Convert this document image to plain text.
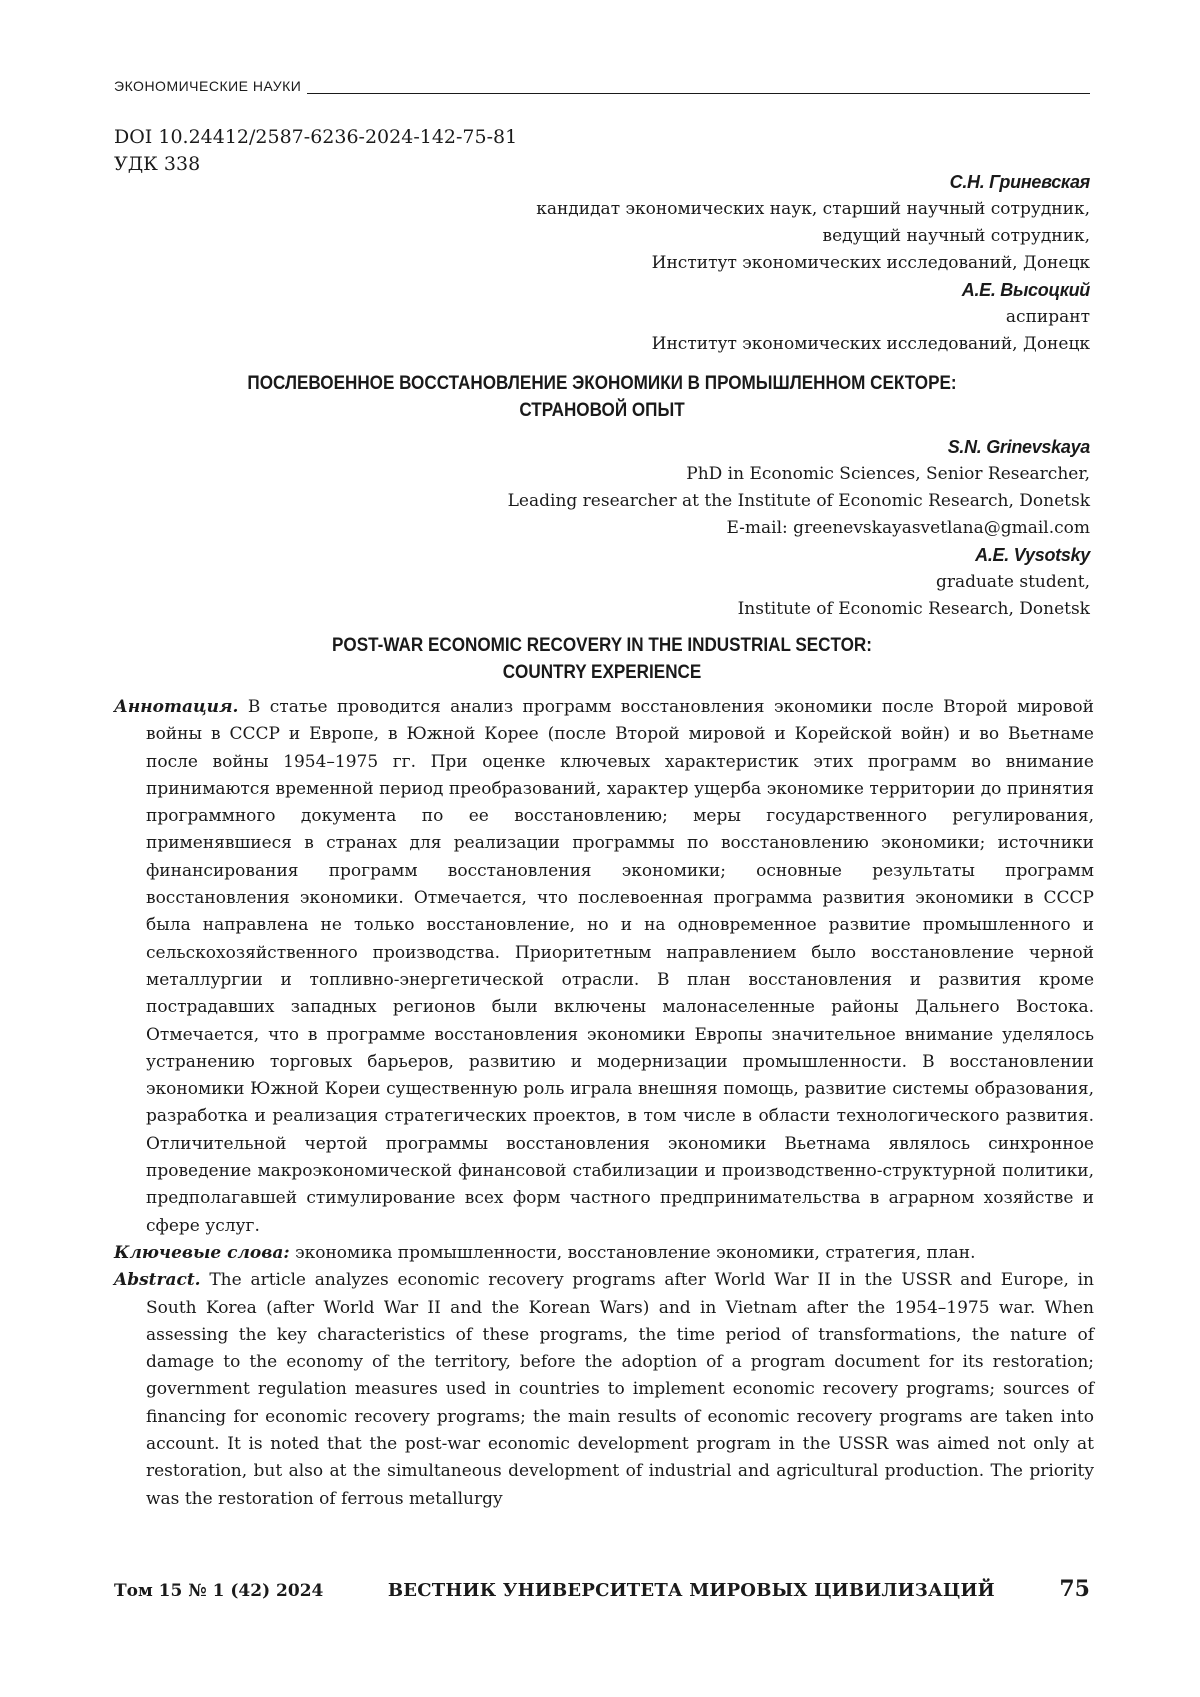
ЭКОНОМИЧЕСКИЕ НАУКИ
DOI 10.24412/2587-6236-2024-142-75-81
УДК 338
С.Н. Гриневская
кандидат экономических наук, старший научный сотрудник,
ведущий научный сотрудник,
Институт экономических исследований, Донецк
А.Е. Высоцкий
аспирант
Институт экономических исследований, Донецк
ПОСЛЕВОЕННОЕ ВОССТАНОВЛЕНИЕ ЭКОНОМИКИ В ПРОМЫШЛЕННОМ СЕКТОРЕ:
СТРАНОВОЙ ОПЫТ
S.N. Grinevskaya
PhD in Economic Sciences, Senior Researcher,
Leading researcher at the Institute of Economic Research, Donetsk
E-mail: greenevskayasvetlana@gmail.com
A.E. Vysotsky
graduate student,
Institute of Economic Research, Donetsk
POST-WAR ECONOMIC RECOVERY IN THE INDUSTRIAL SECTOR:
COUNTRY EXPERIENCE

Аннотация. В статье проводится анализ программ восстановления экономики после Второй мировой войны в СССР и Европе, в Южной Корее (после Второй мировой и Корейской войн) и во Вьетнаме после войны 1954–1975 гг. При оценке ключевых характеристик этих программ во внимание принимаются временной период преобразований, характер ущерба экономике территории до принятия программного документа по ее восстановлению; меры государственного регулирования, применявшиеся в странах для реализации программы по восстановлению экономики; источники финансирования программ восстановления экономики; основные результаты программ восстановления экономики. Отмечается, что послевоенная программа развития экономики в СССР была направлена не только восстановление, но и на одновременное развитие промышленного и сельскохозяйственного производства. Приоритетным направлением было восстановление черной металлургии и топливно-энергетической отрасли. В план восстановления и развития кроме пострадавших западных регионов были включены малонаселенные районы Дальнего Востока. Отмечается, что в программе восстановления экономики Европы значительное внимание уделялось устранению торговых барьеров, развитию и модернизации промышленности. В восстановлении экономики Южной Кореи существенную роль играла внешняя помощь, развитие системы образования, разработка и реализация стратегических проектов, в том числе в области технологического развития. Отличительной чертой программы восстановления экономики Вьетнама являлось синхронное проведение макроэкономической финансовой стабилизации и производственно-структурной политики, предполагавшей стимулирование всех форм частного предпринимательства в аграрном хозяйстве и сфере услуг.

Ключевые слова: экономика промышленности, восстановление экономики, стратегия, план.

Abstract. The article analyzes economic recovery programs after World War II in the USSR and Europe, in South Korea (after World War II and the Korean Wars) and in Vietnam after the 1954–1975 war. When assessing the key characteristics of these programs, the time period of transformations, the nature of damage to the economy of the territory, before the adoption of a program document for its restoration; government regulation measures used in countries to implement economic recovery programs; sources of financing for economic recovery programs; the main results of economic recovery programs are taken into account. It is noted that the post-war economic development program in the USSR was aimed not only at restoration, but also at the simultaneous development of industrial and agricultural production. The priority was the restoration of ferrous metallurgy

Том 15 № 1 (42) 2024	ВЕСТНИК УНИВЕРСИТЕТА МИРОВЫХ ЦИВИЛИЗАЦИЙ	75
